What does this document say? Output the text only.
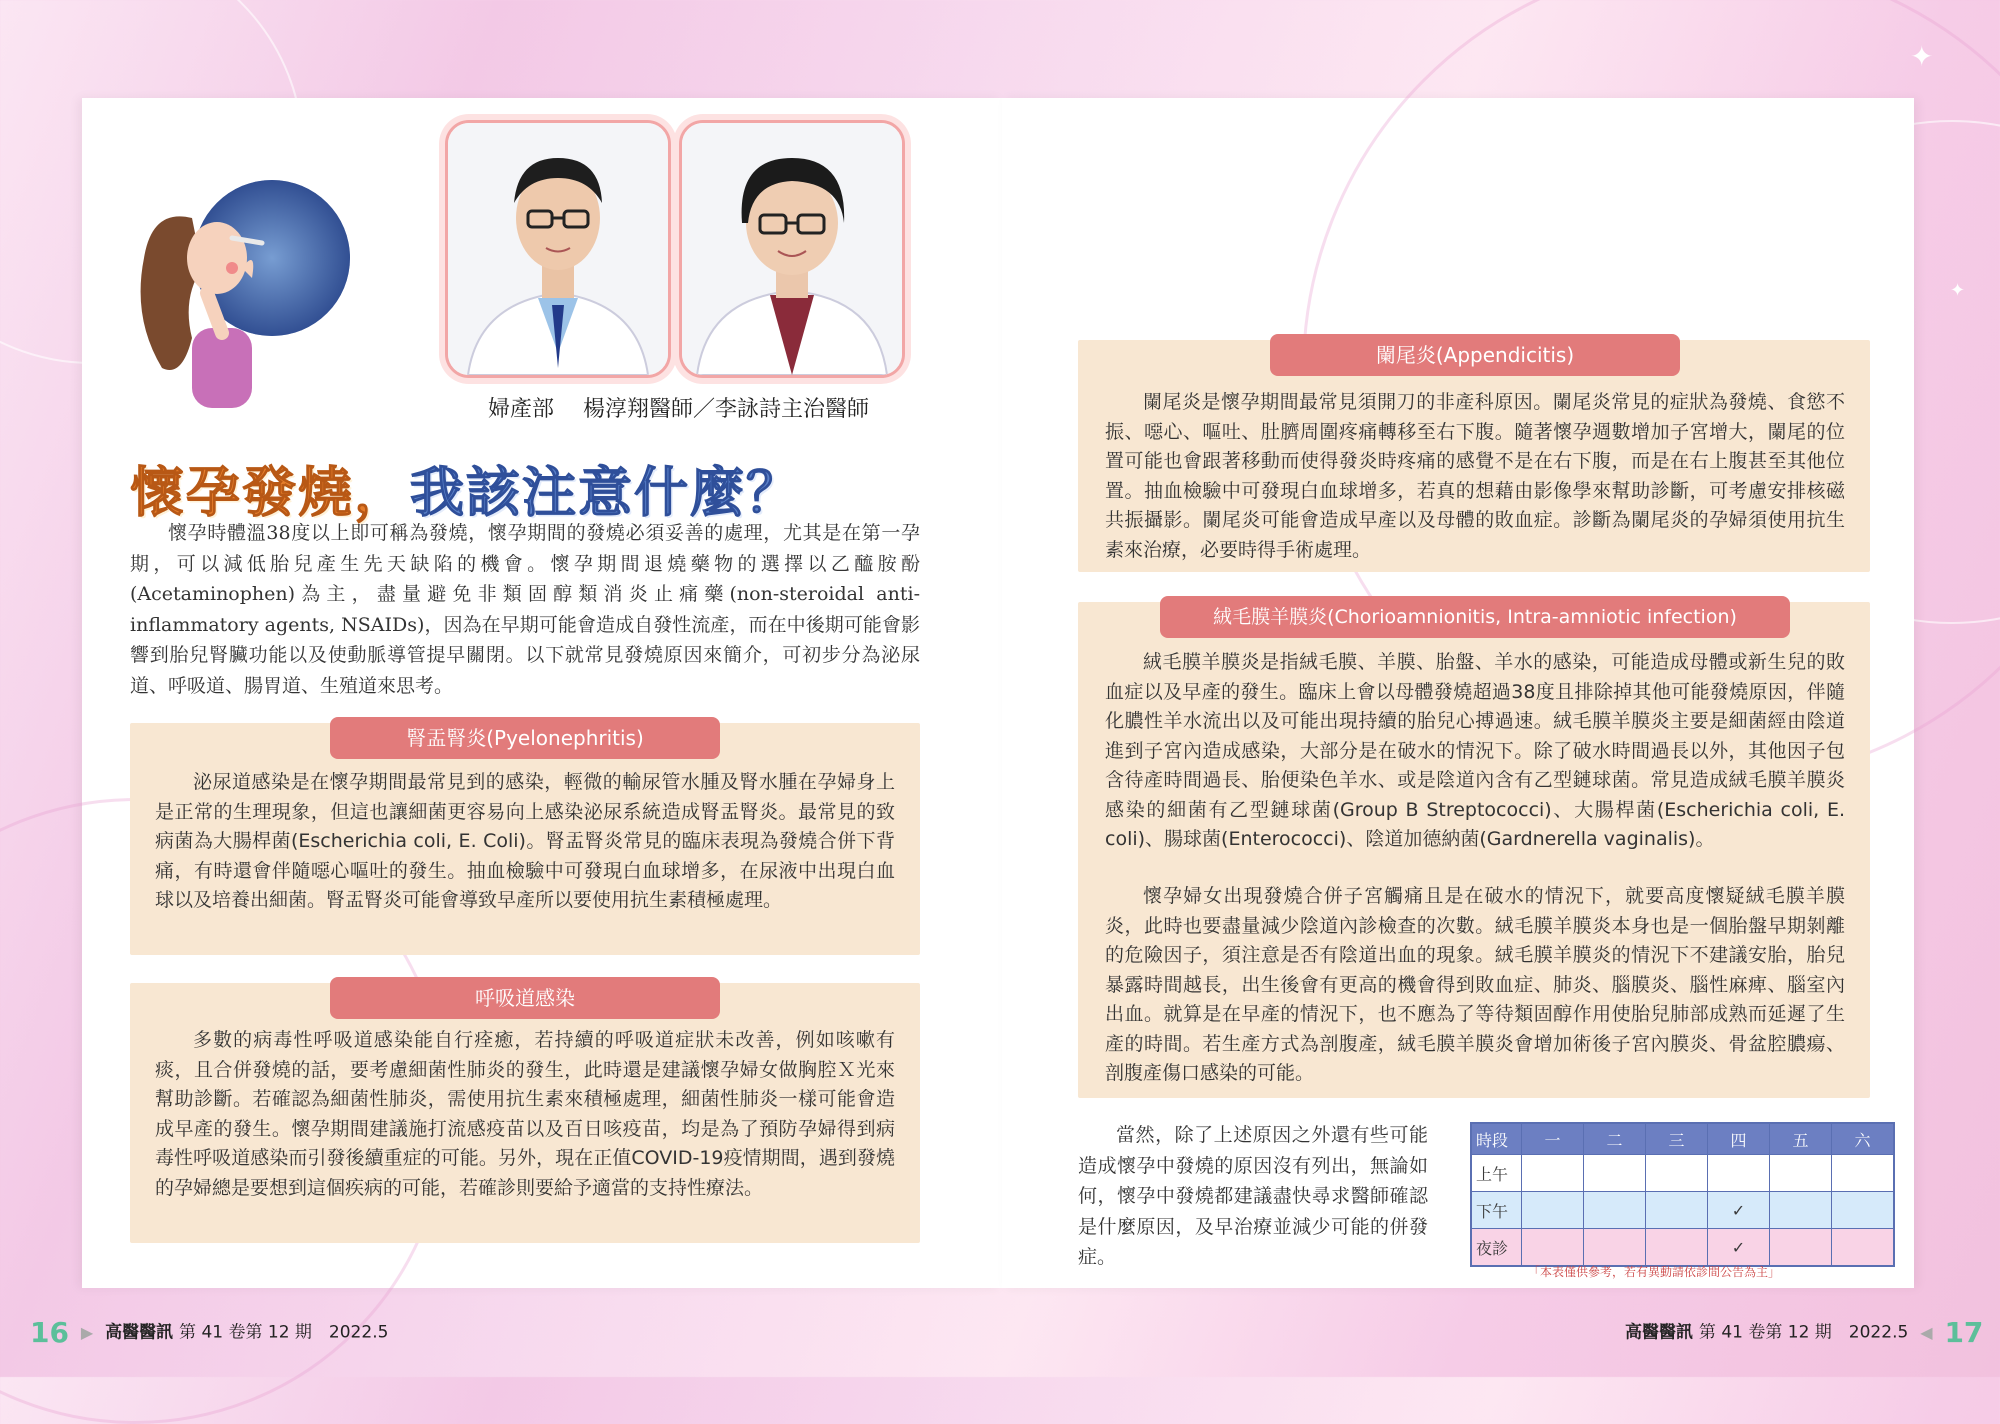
✦
✦
婦產部　 楊淳翔醫師／李詠詩主治醫師
懷孕發燒，我該注意什麼？
懷孕時體溫38度以上即可稱為發燒，懷孕期間的發燒必須妥善的處理，尤其是在第一孕期，可以減低胎兒產生先天缺陷的機會。懷孕期間退燒藥物的選擇以乙醯胺酚(Acetaminophen)為主，盡量避免非類固醇類消炎止痛藥(non-steroidal anti-inflammatory agents, NSAIDs)，因為在早期可能會造成自發性流產，而在中後期可能會影響到胎兒腎臟功能以及使動脈導管提早關閉。以下就常見發燒原因來簡介，可初步分為泌尿道、呼吸道、腸胃道、生殖道來思考。
腎盂腎炎(Pyelonephritis)
泌尿道感染是在懷孕期間最常見到的感染，輕微的輸尿管水腫及腎水腫在孕婦身上是正常的生理現象，但這也讓細菌更容易向上感染泌尿系統造成腎盂腎炎。最常見的致病菌為大腸桿菌(Escherichia coli, E. Coli)。腎盂腎炎常見的臨床表現為發燒合併下背痛，有時還會伴隨噁心嘔吐的發生。抽血檢驗中可發現白血球增多，在尿液中出現白血球以及培養出細菌。腎盂腎炎可能會導致早產所以要使用抗生素積極處理。
呼吸道感染
多數的病毒性呼吸道感染能自行痊癒，若持續的呼吸道症狀未改善，例如咳嗽有痰，且合併發燒的話，要考慮細菌性肺炎的發生，此時還是建議懷孕婦女做胸腔Ｘ光來幫助診斷。若確認為細菌性肺炎，需使用抗生素來積極處理，細菌性肺炎一樣可能會造成早產的發生。懷孕期間建議施打流感疫苗以及百日咳疫苗，均是為了預防孕婦得到病毒性呼吸道感染而引發後續重症的可能。另外，現在正值COVID-19疫情期間，遇到發燒的孕婦總是要想到這個疾病的可能，若確診則要給予適當的支持性療法。
闌尾炎(Appendicitis)
闌尾炎是懷孕期間最常見須開刀的非產科原因。闌尾炎常見的症狀為發燒、食慾不振、噁心、嘔吐、肚臍周圍疼痛轉移至右下腹。隨著懷孕週數增加子宮增大，闌尾的位置可能也會跟著移動而使得發炎時疼痛的感覺不是在右下腹，而是在右上腹甚至其他位置。抽血檢驗中可發現白血球增多，若真的想藉由影像學來幫助診斷，可考慮安排核磁共振攝影。闌尾炎可能會造成早產以及母體的敗血症。診斷為闌尾炎的孕婦須使用抗生素來治療，必要時得手術處理。
絨毛膜羊膜炎(Chorioamnionitis, Intra-amniotic infection)
絨毛膜羊膜炎是指絨毛膜、羊膜、胎盤、羊水的感染，可能造成母體或新生兒的敗血症以及早產的發生。臨床上會以母體發燒超過38度且排除掉其他可能發燒原因，伴隨化膿性羊水流出以及可能出現持續的胎兒心搏過速。絨毛膜羊膜炎主要是細菌經由陰道進到子宮內造成感染，大部分是在破水的情況下。除了破水時間過長以外，其他因子包含待產時間過長、胎便染色羊水、或是陰道內含有乙型鏈球菌。常見造成絨毛膜羊膜炎感染的細菌有乙型鏈球菌(Group B Streptococci)、大腸桿菌(Escherichia coli, E. coli)、腸球菌(Enterococci)、陰道加德納菌(Gardnerella vaginalis)。
懷孕婦女出現發燒合併子宮觸痛且是在破水的情況下，就要高度懷疑絨毛膜羊膜炎，此時也要盡量減少陰道內診檢查的次數。絨毛膜羊膜炎本身也是一個胎盤早期剝離的危險因子，須注意是否有陰道出血的現象。絨毛膜羊膜炎的情況下不建議安胎，胎兒暴露時間越長，出生後會有更高的機會得到敗血症、肺炎、腦膜炎、腦性麻痺、腦室內出血。就算是在早產的情況下，也不應為了等待類固醇作用使胎兒肺部成熟而延遲了生產的時間。若生產方式為剖腹產，絨毛膜羊膜炎會增加術後子宮內膜炎、骨盆腔膿瘍、剖腹產傷口感染的可能。
當然，除了上述原因之外還有些可能造成懷孕中發燒的原因沒有列出，無論如何，懷孕中發燒都建議盡快尋求醫師確認是什麼原因，及早治療並減少可能的併發症。
時段	一	二	三	四	五	六
上午						
下午				✓		
夜診				✓		
「本表僅供參考，若有異動請依診間公告為主」
16 ▶ 高醫醫訊 第 41 卷第 12 期　2022.5	高醫醫訊 第 41 卷第 12 期　2022.5 ◀ 17
